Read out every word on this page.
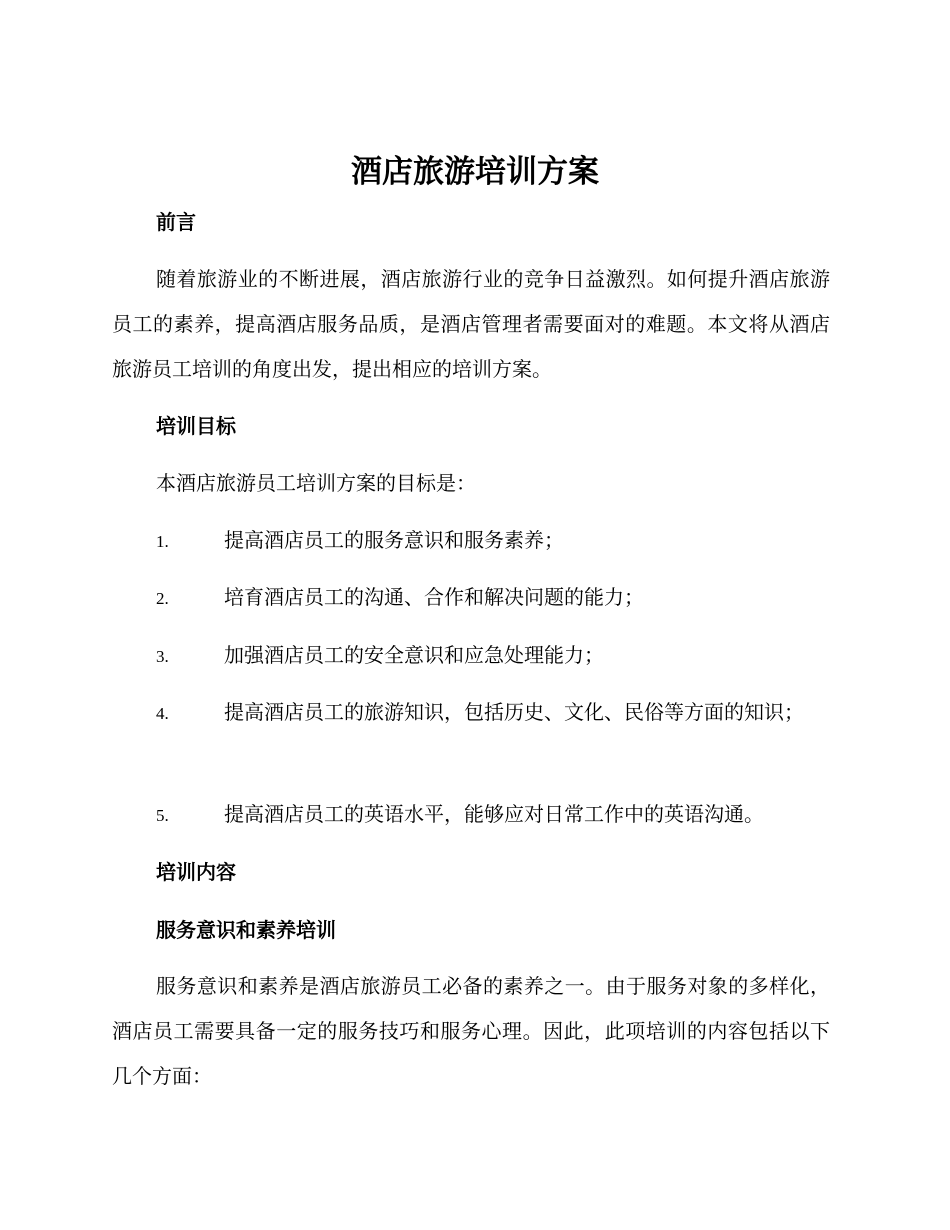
酒店旅游培训方案
前言

随着旅游业的不断进展，酒店旅游行业的竞争日益激烈。如何提升酒店旅游员工的素养，提高酒店服务品质，是酒店管理者需要面对的难题。本文将从酒店旅游员工培训的角度出发，提出相应的培训方案。

培训目标

本酒店旅游员工培训方案的目标是：

1.	提高酒店员工的服务意识和服务素养；
2.	培育酒店员工的沟通、合作和解决问题的能力；
3.	加强酒店员工的安全意识和应急处理能力；
4.	提高酒店员工的旅游知识，包括历史、文化、民俗等方面的知识；
5.	提高酒店员工的英语水平，能够应对日常工作中的英语沟通。
培训内容
服务意识和素养培训

服务意识和素养是酒店旅游员工必备的素养之一。由于服务对象的多样化，酒店员工需要具备一定的服务技巧和服务心理。因此，此项培训的内容包括以下几个方面：
